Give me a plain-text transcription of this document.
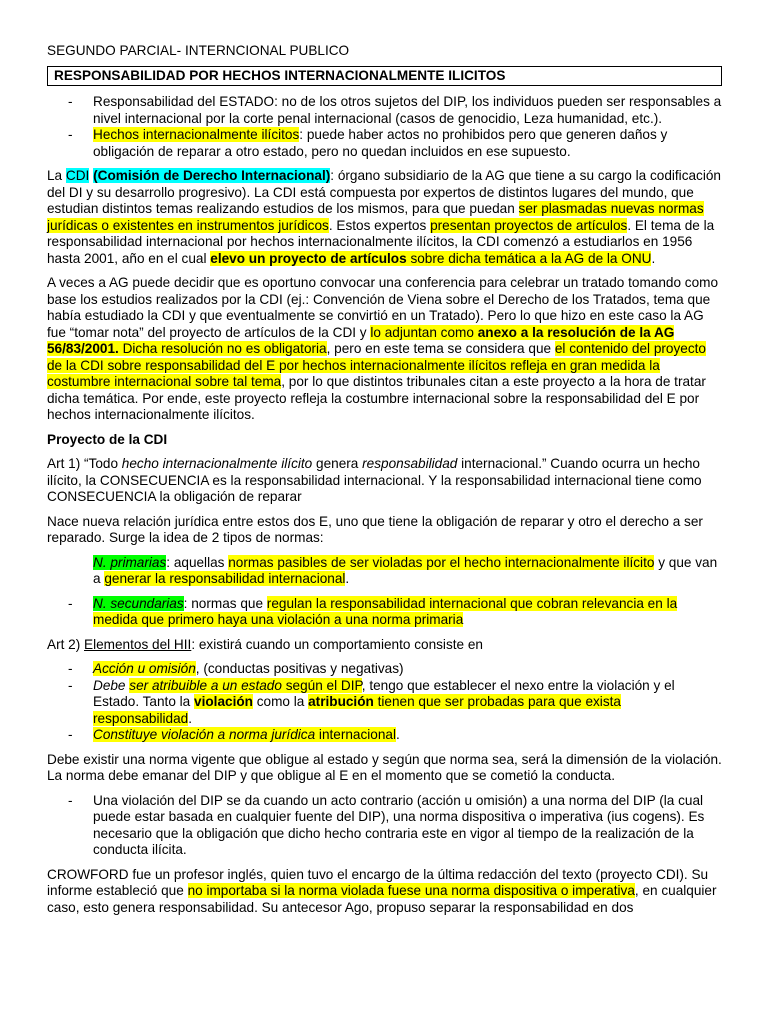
SEGUNDO PARCIAL- INTERNCIONAL PUBLICO
RESPONSABILIDAD POR HECHOS INTERNACIONALMENTE ILICITOS
- Responsabilidad del ESTADO: no de los otros sujetos del DIP, los individuos pueden ser responsables a nivel internacional por la corte penal internacional (casos de genocidio, Leza humanidad, etc.).
- Hechos internacionalmente ilícitos: puede haber actos no prohibidos pero que generen daños y obligación de reparar a otro estado, pero no quedan incluidos en ese supuesto.

La CDI (Comisión de Derecho Internacional): órgano subsidiario de la AG que tiene a su cargo la codificación del DI y su desarrollo progresivo). La CDI está compuesta por expertos de distintos lugares del mundo, que estudian distintos temas realizando estudios de los mismos, para que puedan ser plasmadas nuevas normas jurídicas o existentes en instrumentos jurídicos. Estos expertos presentan proyectos de artículos. El tema de la responsabilidad internacional por hechos internacionalmente ilícitos, la CDI comenzó a estudiarlos en 1956 hasta 2001, año en el cual elevo un proyecto de artículos sobre dicha temática a la AG de la ONU.

A veces a AG puede decidir que es oportuno convocar una conferencia para celebrar un tratado tomando como base los estudios realizados por la CDI (ej.: Convención de Viena sobre el Derecho de los Tratados, tema que había estudiado la CDI y que eventualmente se convirtió en un Tratado). Pero lo que hizo en este caso la AG fue “tomar nota” del proyecto de artículos de la CDI y lo adjuntan como anexo a la resolución de la AG 56/83/2001. Dicha resolución no es obligatoria, pero en este tema se considera que el contenido del proyecto de la CDI sobre responsabilidad del E por hechos internacionalmente ilícitos refleja en gran medida la costumbre internacional sobre tal tema, por lo que distintos tribunales citan a este proyecto a la hora de tratar dicha temática. Por ende, este proyecto refleja la costumbre internacional sobre la responsabilidad del E por hechos internacionalmente ilícitos.

Proyecto de la CDI

Art 1) “Todo hecho internacionalmente ilícito genera responsabilidad internacional.” Cuando ocurra un hecho ilícito, la CONSECUENCIA es la responsabilidad internacional. Y la responsabilidad internacional tiene como CONSECUENCIA la obligación de reparar

Nace nueva relación jurídica entre estos dos E, uno que tiene la obligación de reparar y otro el derecho a ser reparado. Surge la idea de 2 tipos de normas:

N. primarias: aquellas normas pasibles de ser violadas por el hecho internacionalmente ilícito y que van a generar la responsabilidad internacional.

- N. secundarias: normas que regulan la responsabilidad internacional que cobran relevancia en la medida que primero haya una violación a una norma primaria

Art 2) Elementos del HII: existirá cuando un comportamiento consiste en

- Acción u omisión, (conductas positivas y negativas)
- Debe ser atribuible a un estado según el DIP, tengo que establecer el nexo entre la violación y el Estado. Tanto la violación como la atribución tienen que ser probadas para que exista responsabilidad.
- Constituye violación a norma jurídica internacional.

Debe existir una norma vigente que obligue al estado y según que norma sea, será la dimensión de la violación. La norma debe emanar del DIP y que obligue al E en el momento que se cometió la conducta.

- Una violación del DIP se da cuando un acto contrario (acción u omisión) a una norma del DIP (la cual puede estar basada en cualquier fuente del DIP), una norma dispositiva o imperativa (ius cogens). Es necesario que la obligación que dicho hecho contraria este en vigor al tiempo de la realización de la conducta ilícita.

CROWFORD fue un profesor inglés, quien tuvo el encargo de la última redacción del texto (proyecto CDI). Su informe estableció que no importaba si la norma violada fuese una norma dispositiva o imperativa, en cualquier caso, esto genera responsabilidad. Su antecesor Ago, propuso separar la responsabilidad en dos
